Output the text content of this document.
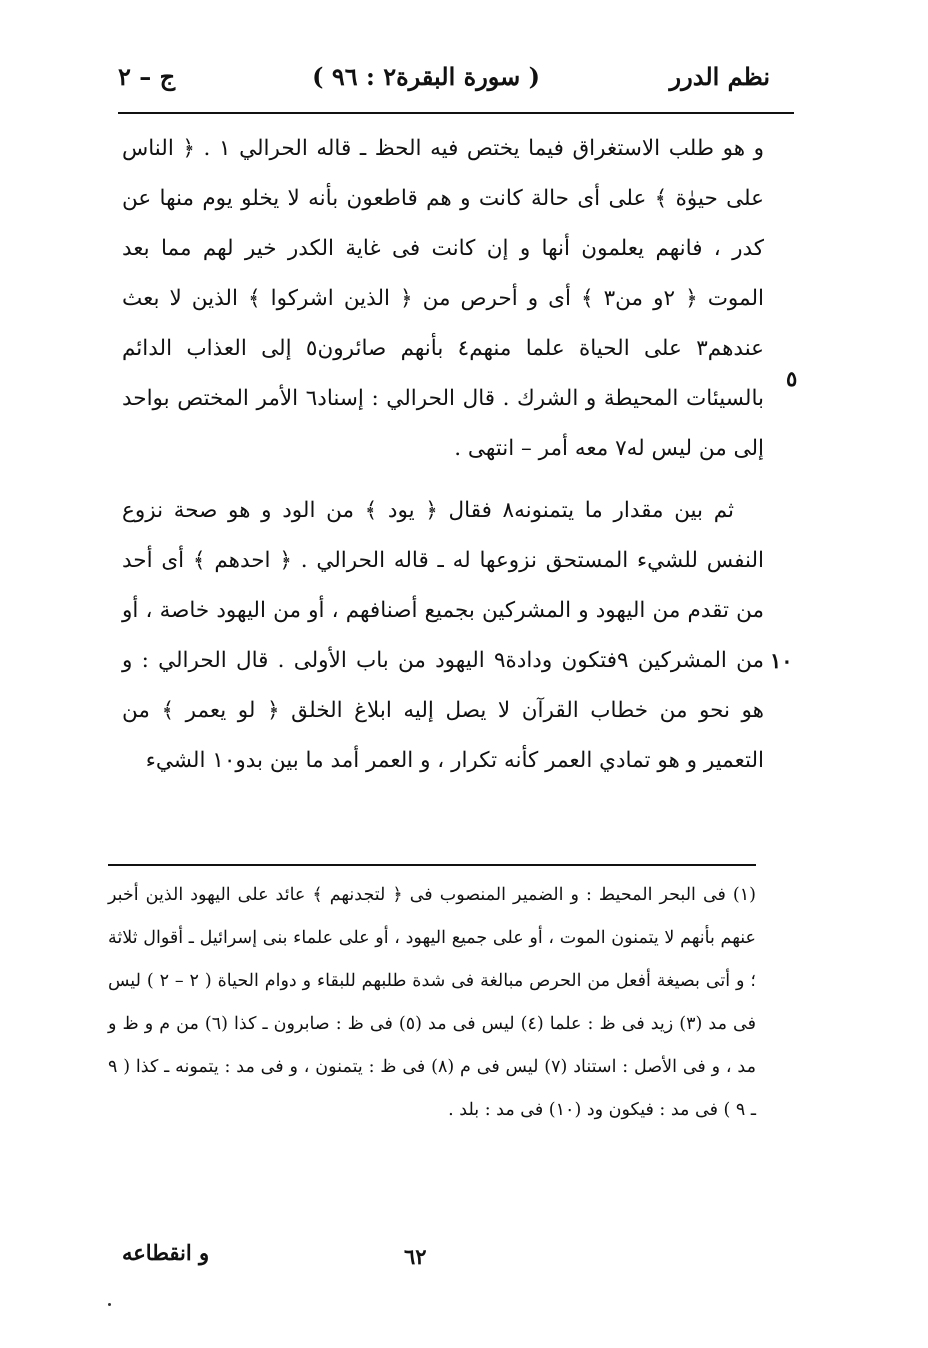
نظم الدرر
( سورة البقرة٢ : ٩٦ )
ج – ٢

و هو طلب الاستغراق فيما يختص فيه الحظ ـ قاله الحرالي ١ . ﴿ الناس على حيوٰة ﴾ على أى حالة كانت و هم قاطعون بأنه لا يخلو يوم منها عن كدر ، فانهم يعلمون أنها و إن كانت فى غاية الكدر خير لهم مما بعد الموت ﴿ ٢و من٣ ﴾ أى و أحرص من ﴿ الذين اشركوا ﴾ الذين لا بعث عندهم٣ على الحياة علما منهم٤ بأنهم صائرون٥ إلى العذاب الدائم بالسيئات المحيطة و الشرك . قال الحرالي : إسناد٦ الأمر المختص بواحد إلى من ليس له٧ معه أمر – انتهى .

ثم بين مقدار ما يتمنونه٨ فقال ﴿ يود ﴾ من الود و هو صحة نزوع النفس للشيء المستحق نزوعها له ـ قاله الحرالي . ﴿ احدهم ﴾ أى أحد من تقدم من اليهود و المشركين بجميع أصنافهم ، أو من اليهود خاصة ، أو من المشركين ٩فتكون ودادة٩ اليهود من باب الأولى . قال الحرالي : و هو نحو من خطاب القرآن لا يصل إليه ابلاغ الخلق ﴿ لو يعمر ﴾ من التعمير و هو تمادي العمر كأنه تكرار ، و العمر أمد ما بين بدو١٠ الشيء

٥
١٠

(١) فى البحر المحيط : و الضمير المنصوب فى ﴿ لتجدنهم ﴾ عائد على اليهود الذين أخبر عنهم بأنهم لا يتمنون الموت ، أو على جميع اليهود ، أو على علماء بنى إسرائيل ـ أقوال ثلاثة ؛ و أتى بصيغة أفعل من الحرص مبالغة فى شدة طلبهم للبقاء و دوام الحياة ( ٢ – ٢ ) ليس فى مد (٣) زيد فى ظ : علما (٤) ليس فى مد (٥) فى ظ : صابرون ـ كذا (٦) من م و ظ و مد ، و فى الأصل : استناد (٧) ليس فى م (٨) فى ظ : يتمنون ، و فى مد : يتمونه ـ كذا ( ٩ ـ ٩ ) فى مد : فيكون ود (١٠) فى مد : بلد .

و انقطاعه	٦٢
